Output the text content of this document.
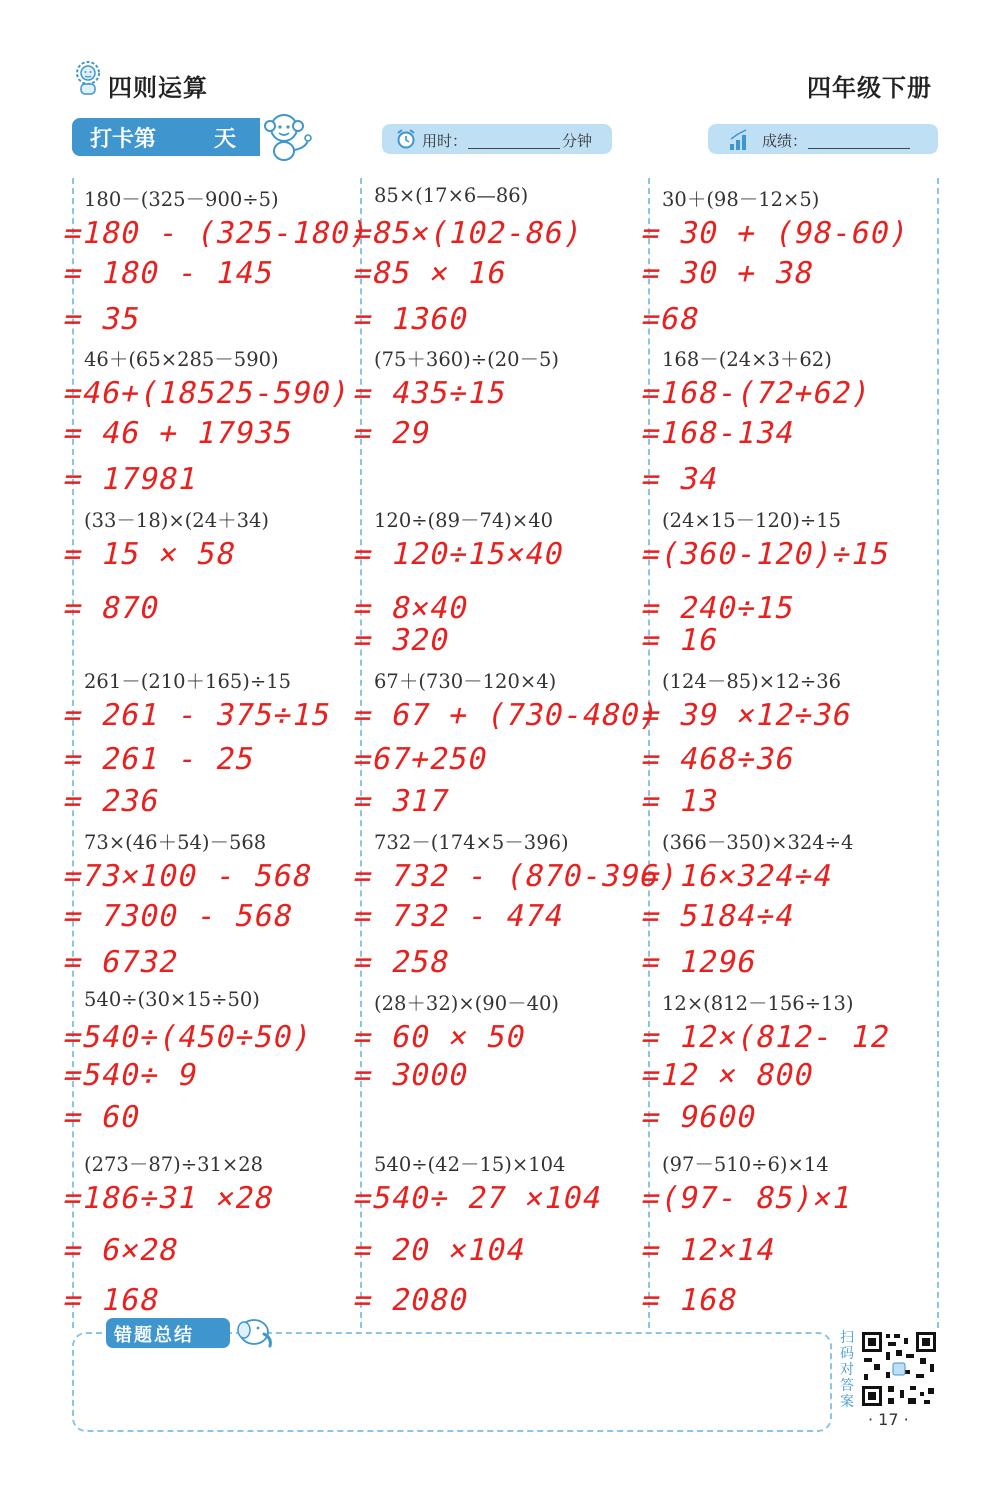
四则运算	四年级下册
打卡第	天	用时：	分钟	成绩：
180－(325－900÷5)
=180 - (325-180)
= 180 - 145
= 35
85×(17×6—86)
=85×(102-86)
=85 × 16
= 1360
30＋(98－12×5)
= 30 + (98-60)
= 30 + 38
=68
46＋(65×285－590)
=46+(18525-590)
= 46 + 17935
= 17981
(75＋360)÷(20－5)
= 435÷15
= 29
168－(24×3＋62)
=168-(72+62)
=168-134
= 34
(33－18)×(24＋34)
= 15 × 58
= 870
120÷(89－74)×40
= 120÷15×40
= 8×40
= 320
(24×15－120)÷15
=(360-120)÷15
= 240÷15
= 16
261－(210＋165)÷15
= 261 - 375÷15
= 261 - 25
= 236
67＋(730－120×4)
= 67 + (730-480)
=67+250
= 317
(124－85)×12÷36
= 39 ×12÷36
= 468÷36
= 13
73×(46＋54)－568
=73×100 - 568
= 7300 - 568
= 6732
732－(174×5－396)
= 732 - (870-396)
= 732 - 474
= 258
(366－350)×324÷4
= 16×324÷4
= 5184÷4
= 1296
540÷(30×15÷50)
=540÷(450÷50)
=540÷ 9
= 60
(28＋32)×(90－40)
= 60 × 50
= 3000
12×(812－156÷13)
= 12×(812- 12
=12 × 800
= 9600
(273－87)÷31×28
=186÷31 ×28
= 6×28
= 168
540÷(42－15)×104
=540÷ 27 ×104
= 20 ×104
= 2080
(97－510÷6)×14
=(97- 85)×1
= 12×14
= 168
错题总结	扫码对答案
· 17 ·
